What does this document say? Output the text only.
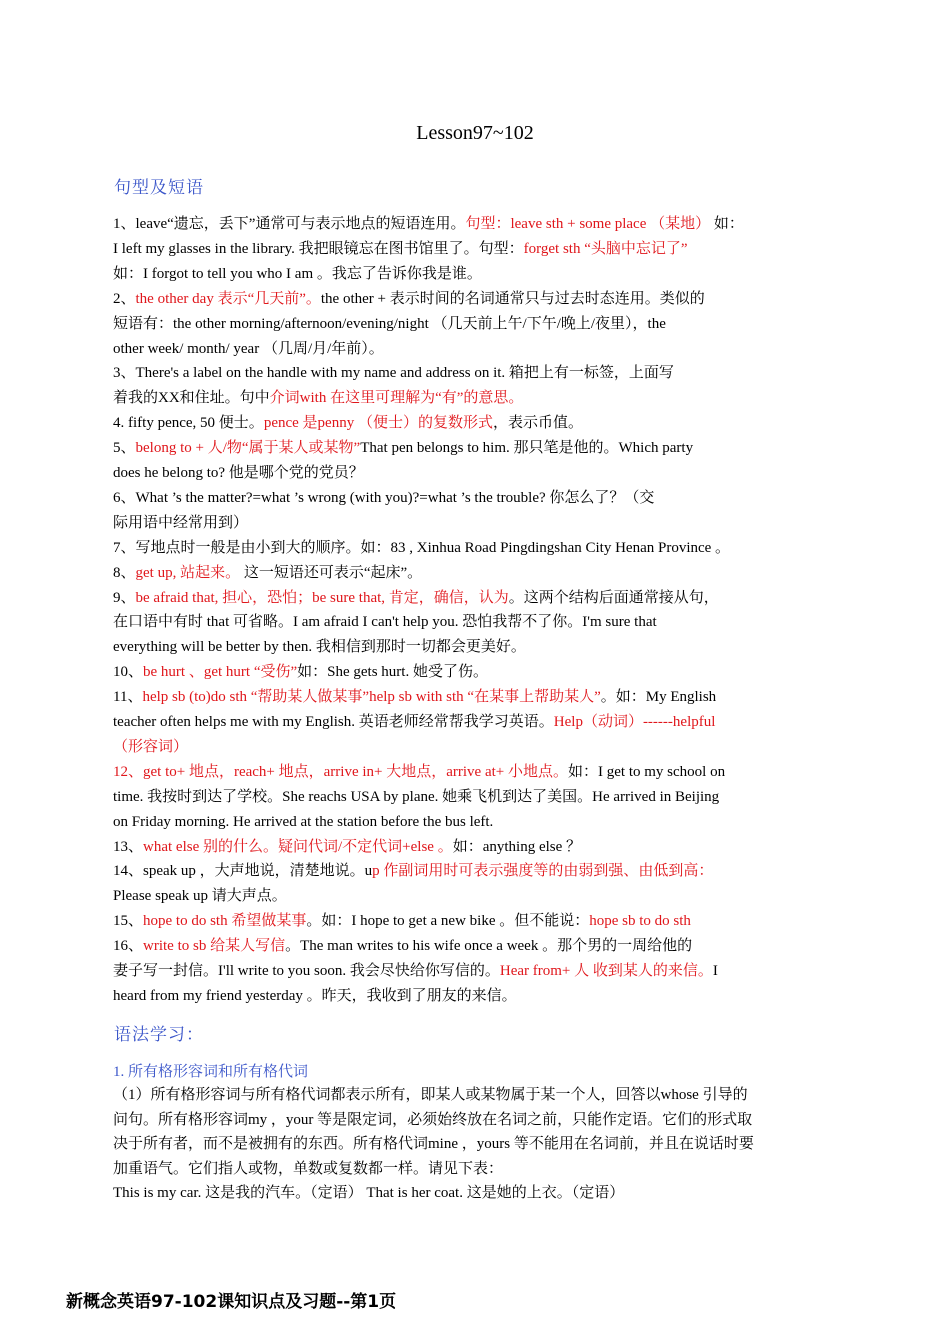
Lesson97~102
句型及短语
1、leave“遗忘，丢下”通常可与表示地点的短语连用。句型：leave sth + some place （某地） 如：
I left my glasses in the library. 我把眼镜忘在图书馆里了。句型：forget sth “头脑中忘记了”
如：I forgot to tell you who I am 。我忘了告诉你我是谁。
2、the other day 表示“几天前”。the other + 表示时间的名词通常只与过去时态连用。类似的
短语有：the other morning/afternoon/evening/night （几天前上午/下午/晚上/夜里），the
other week/ month/ year （几周/月/年前）。
3、There's a label on the handle with my name and address on it. 箱把上有一标签，上面写
着我的XX和住址。句中介词with 在这里可理解为“有”的意思。
4. fifty pence, 50 便士。pence 是penny （便士）的复数形式，表示币值。
5、belong to + 人/物“属于某人或某物”That pen belongs to him. 那只笔是他的。Which party
does he belong to? 他是哪个党的党员？
6、What ’s the matter?=what ’s wrong (with you)?=what ’s the trouble? 你怎么了？（交
际用语中经常用到）
7、写地点时一般是由小到大的顺序。如：83 , Xinhua Road Pingdingshan City Henan Province 。
8、get up, 站起来。 这一短语还可表示“起床”。
9、be afraid that, 担心，恐怕；be sure that, 肯定，确信，认为。这两个结构后面通常接从句，
在口语中有时 that 可省略。I am afraid I can't help you. 恐怕我帮不了你。I'm sure that
everything will be better by then. 我相信到那时一切都会更美好。
10、be hurt 、get hurt “受伤”如：She gets hurt. 她受了伤。
11、help sb (to)do sth “帮助某人做某事”help sb with sth “在某事上帮助某人”。如：My English
teacher often helps me with my English. 英语老师经常帮我学习英语。Help（动词）------helpful
（形容词）
12、get to+ 地点，reach+ 地点，arrive in+ 大地点，arrive at+ 小地点。如：I get to my school on
time. 我按时到达了学校。She reachs USA by plane. 她乘飞机到达了美国。He arrived in Beijing
on Friday morning. He arrived at the station before the bus left.
13、what else 别的什么。疑问代词/不定代词+else 。如：anything else ？
14、speak up ，大声地说，清楚地说。up 作副词用时可表示强度等的由弱到强、由低到高：
Please speak up 请大声点。
15、hope to do sth 希望做某事。如：I hope to get a new bike 。但不能说：hope sb to do sth
16、write to sb 给某人写信。The man writes to his wife once a week 。那个男的一周给他的
妻子写一封信。I'll write to you soon. 我会尽快给你写信的。Hear from+ 人 收到某人的来信。I
heard from my friend yesterday 。昨天，我收到了朋友的来信。
语法学习：
1. 所有格形容词和所有格代词
（1）所有格形容词与所有格代词都表示所有，即某人或某物属于某一个人，回答以whose 引导的
问句。所有格形容词my ，your 等是限定词，必须始终放在名词之前，只能作定语。它们的形式取
决于所有者，而不是被拥有的东西。所有格代词mine ，yours 等不能用在名词前，并且在说话时要
加重语气。它们指人或物，单数或复数都一样。请见下表：
This is my car. 这是我的汽车。（定语） That is her coat. 这是她的上衣。（定语）
新概念英语97-102课知识点及习题--第1页
